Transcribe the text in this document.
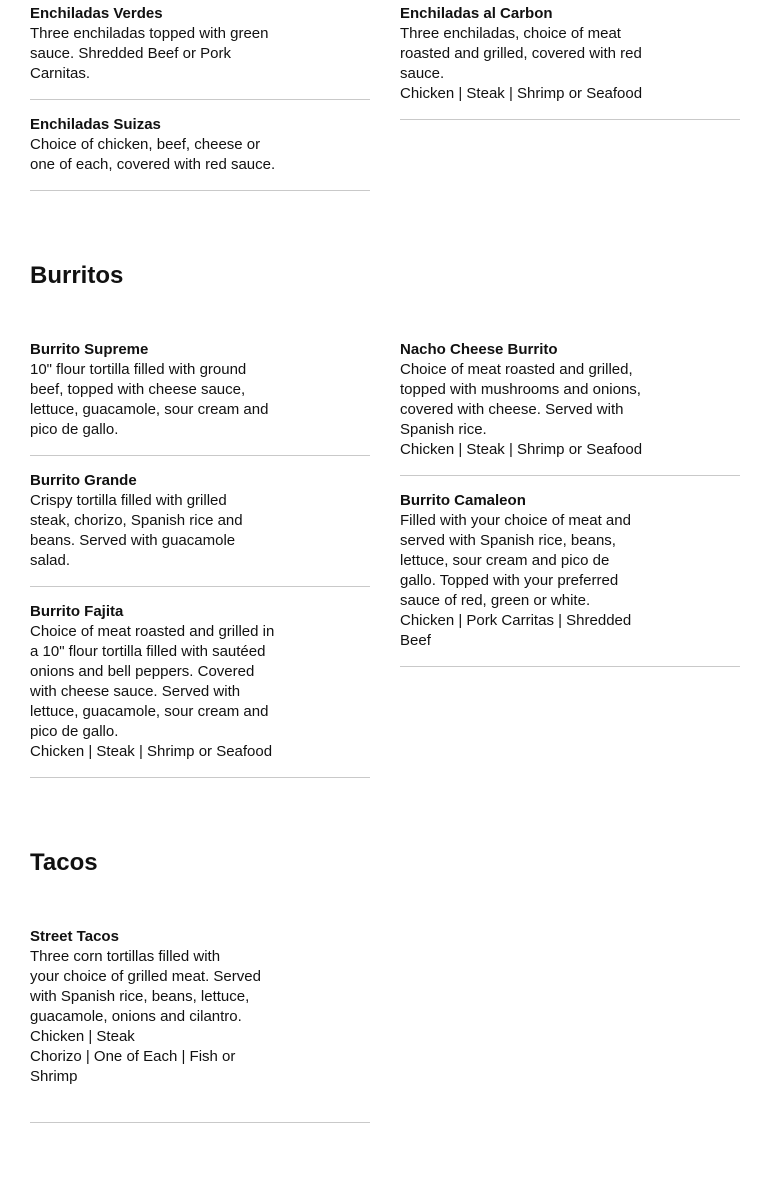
Enchiladas Verdes
Three enchiladas topped with green
sauce. Shredded Beef or Pork
Carnitas.
Enchiladas Suizas
Choice of chicken, beef, cheese or
one of each, covered with red sauce.
Enchiladas al Carbon
Three enchiladas, choice of meat
roasted and grilled, covered with red
sauce.
Chicken | Steak | Shrimp or Seafood
Burritos
Burrito Supreme
10" flour tortilla filled with ground
beef, topped with cheese sauce,
lettuce, guacamole, sour cream and
pico de gallo.
Burrito Grande
Crispy tortilla filled with grilled
steak, chorizo, Spanish rice and
beans. Served with guacamole
salad.
Burrito Fajita
Choice of meat roasted and grilled in
a 10" flour tortilla filled with sautéed
onions and bell peppers. Covered
with cheese sauce. Served with
lettuce, guacamole, sour cream and
pico de gallo.
Chicken | Steak | Shrimp or Seafood
Nacho Cheese Burrito
Choice of meat roasted and grilled,
topped with mushrooms and onions,
covered with cheese. Served with
Spanish rice.
Chicken | Steak | Shrimp or Seafood
Burrito Camaleon
Filled with your choice of meat and
served with Spanish rice, beans,
lettuce, sour cream and pico de
gallo. Topped with your preferred
sauce of red, green or white.
Chicken | Pork Carritas | Shredded
Beef
Tacos
Street Tacos
Three corn tortillas filled with
your choice of grilled meat. Served
with Spanish rice, beans, lettuce,
guacamole, onions and cilantro.
Chicken | Steak
Chorizo | One of Each | Fish or
Shrimp
